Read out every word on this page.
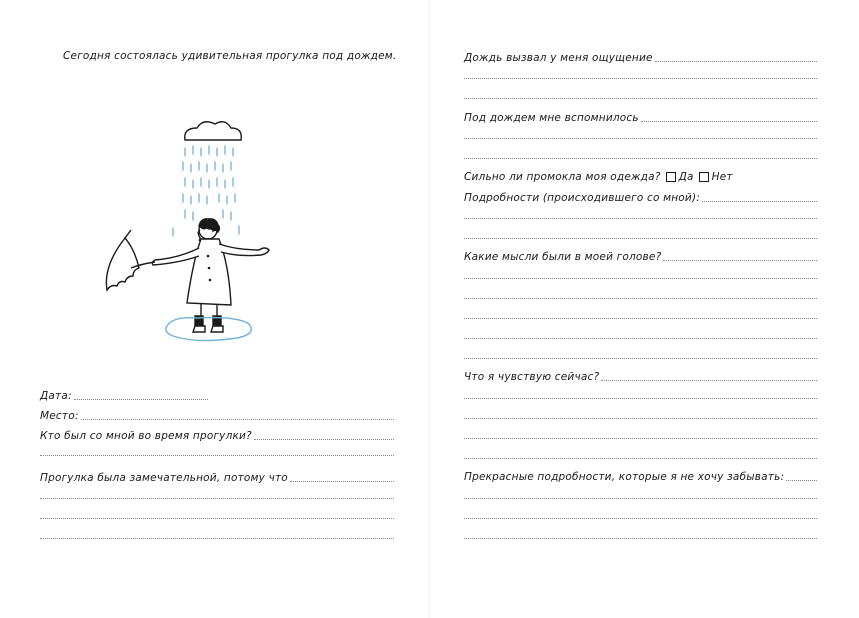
Сегодня состоялась удивительная прогулка под дождем.
Дата:
Место:
Кто был со мной во время прогулки?
Прогулка была замечательной, потому что
Дождь вызвал у меня ощущение
Под дождем мне вспомнилось
Сильно ли промокла моя одежда? Да Нет
Подробности (происходившего со мной):
Какие мысли были в моей голове?
Что я чувствую сейчас?
Прекрасные подробности, которые я не хочу забывать:
